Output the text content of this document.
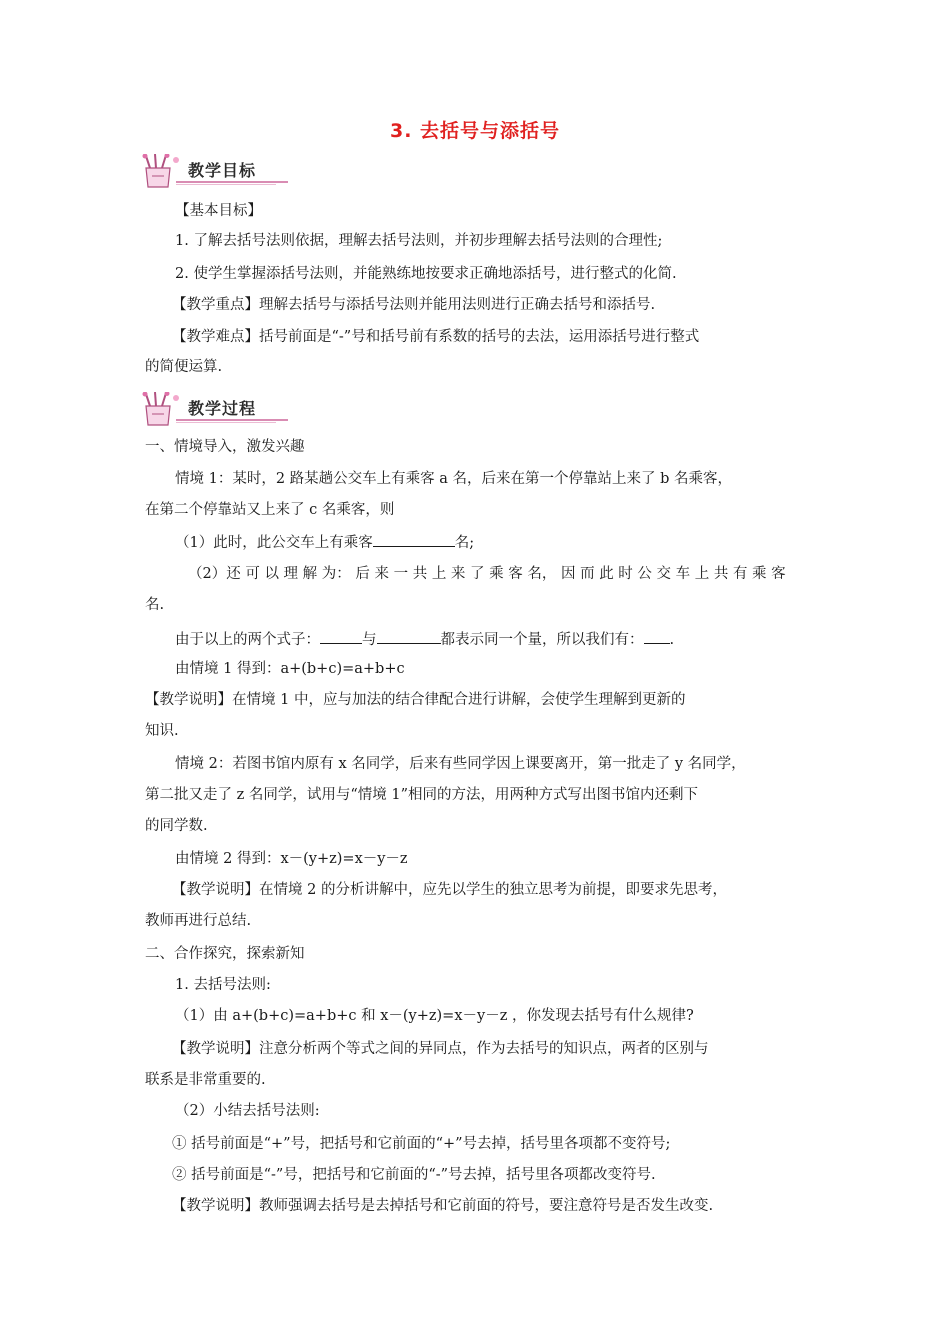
3. 去括号与添括号
教学目标
【基本目标】
1. 了解去括号法则依据，理解去括号法则，并初步理解去括号法则的合理性;
2. 使学生掌握添括号法则，并能熟练地按要求正确地添括号，进行整式的化简.
【教学重点】理解去括号与添括号法则并能用法则进行正确去括号和添括号.
【教学难点】括号前面是“-”号和括号前有系数的括号的去法，运用添括号进行整式
的简便运算.
教学过程
一、情境导入，激发兴趣
情境 1：某时，2 路某趟公交车上有乘客 a 名，后来在第一个停靠站上来了 b 名乘客，
在第二个停靠站又上来了 c 名乘客，则
（1）此时，此公交车上有乘客	名;
（2）还 可 以 理 解 为： 后 来 一 共 上 来 了 乘 客 名， 因 而 此 时 公 交 车 上 共 有 乘 客
名.
由于以上的两个式子：	与	都表示同一个量，所以我们有： .
由情境 1 得到：a+(b+c)=a+b+c
【教学说明】在情境 1 中，应与加法的结合律配合进行讲解，会使学生理解到更新的
知识.
情境 2：若图书馆内原有 x 名同学，后来有些同学因上课要离开，第一批走了 y 名同学，
第二批又走了 z 名同学，试用与“情境 1”相同的方法，用两种方式写出图书馆内还剩下
的同学数.
由情境 2 得到：x－(y+z)=x－y－z
【教学说明】在情境 2 的分析讲解中，应先以学生的独立思考为前提，即要求先思考，
教师再进行总结.
二、合作探究，探索新知
1. 去括号法则:
（1）由 a+(b+c)=a+b+c 和 x－(y+z)=x－y－z ，你发现去括号有什么规律?
【教学说明】注意分析两个等式之间的异同点，作为去括号的知识点，两者的区别与
联系是非常重要的.
（2）小结去括号法则:
① 括号前面是“+”号，把括号和它前面的“+”号去掉，括号里各项都不变符号;
② 括号前面是“-”号，把括号和它前面的“-”号去掉，括号里各项都改变符号.
【教学说明】教师强调去括号是去掉括号和它前面的符号，要注意符号是否发生改变.
